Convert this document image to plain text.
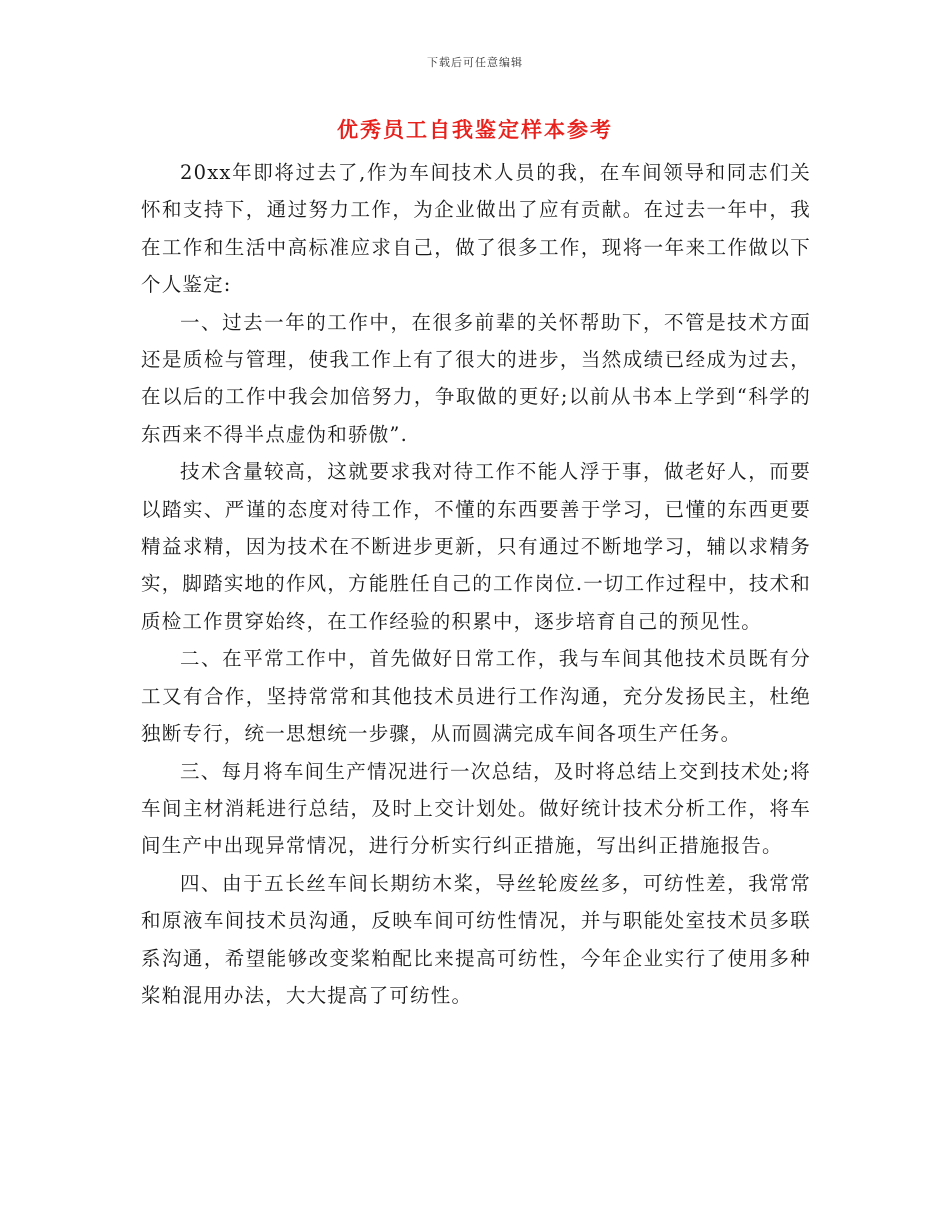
下载后可任意编辑
优秀员工自我鉴定样本参考

20xx年即将过去了,作为车间技术人员的我，在车间领导和同志们关怀和支持下，通过努力工作，为企业做出了应有贡献。在过去一年中，我在工作和生活中高标准应求自己，做了很多工作，现将一年来工作做以下个人鉴定:

一、过去一年的工作中，在很多前辈的关怀帮助下，不管是技术方面还是质检与管理，使我工作上有了很大的进步，当然成绩已经成为过去，在以后的工作中我会加倍努力，争取做的更好;以前从书本上学到“科学的东西来不得半点虚伪和骄傲”.

技术含量较高，这就要求我对待工作不能人浮于事，做老好人，而要以踏实、严谨的态度对待工作，不懂的东西要善于学习，已懂的东西更要精益求精，因为技术在不断进步更新，只有通过不断地学习，辅以求精务实，脚踏实地的作风，方能胜任自己的工作岗位.一切工作过程中，技术和质检工作贯穿始终，在工作经验的积累中，逐步培育自己的预见性。

二、在平常工作中，首先做好日常工作，我与车间其他技术员既有分工又有合作，坚持常常和其他技术员进行工作沟通，充分发扬民主，杜绝独断专行，统一思想统一步骤，从而圆满完成车间各项生产任务。

三、每月将车间生产情况进行一次总结，及时将总结上交到技术处;将车间主材消耗进行总结，及时上交计划处。做好统计技术分析工作，将车间生产中出现异常情况，进行分析实行纠正措施，写出纠正措施报告。

四、由于五长丝车间长期纺木桨，导丝轮废丝多，可纺性差，我常常和原液车间技术员沟通，反映车间可纺性情况，并与职能处室技术员多联系沟通，希望能够改变桨粕配比来提高可纺性，今年企业实行了使用多种桨粕混用办法，大大提高了可纺性。
